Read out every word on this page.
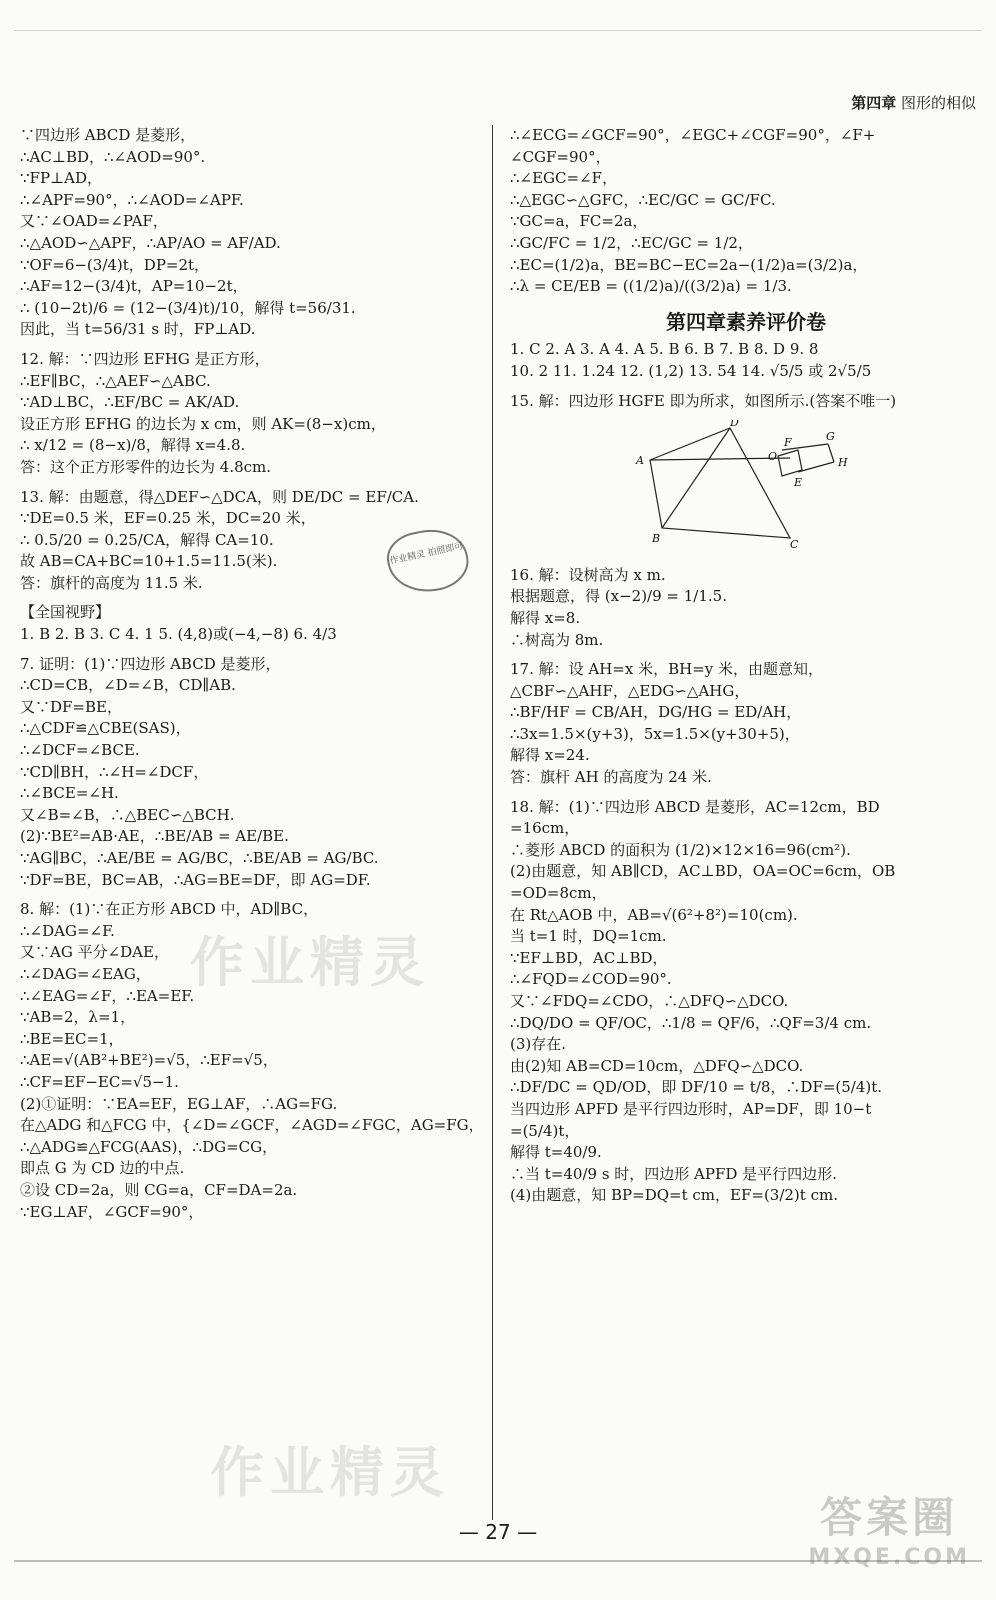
第四章 图形的相似
∵四边形 ABCD 是菱形，
∴AC⊥BD，∴∠AOD=90°.
∵FP⊥AD，
∴∠APF=90°，∴∠AOD=∠APF.
又∵∠OAD=∠PAF，
∴△AOD∽△APF，∴AP/AO = AF/AD.
∵OF=6−(3/4)t，DP=2t，
∴AF=12−(3/4)t，AP=10−2t，
∴ (10−2t)/6 = (12−(3/4)t)/10，解得 t=56/31.
因此，当 t=56/31 s 时，FP⊥AD.
12. 解：∵四边形 EFHG 是正方形，
∴EF∥BC，∴△AEF∽△ABC.
∵AD⊥BC，∴EF/BC = AK/AD.
设正方形 EFHG 的边长为 x cm，则 AK=(8−x)cm，
∴ x/12 = (8−x)/8，解得 x=4.8.
答：这个正方形零件的边长为 4.8cm.
13. 解：由题意，得△DEF∽△DCA，则 DE/DC = EF/CA.
∵DE=0.5 米，EF=0.25 米，DC=20 米，
∴ 0.5/20 = 0.25/CA，解得 CA=10.
故 AB=CA+BC=10+1.5=11.5(米).
答：旗杆的高度为 11.5 米.
【全国视野】
1. B 2. B 3. C 4. 1 5. (4,8)或(−4,−8) 6. 4/3
7. 证明：(1)∵四边形 ABCD 是菱形，
∴CD=CB，∠D=∠B，CD∥AB.
又∵DF=BE，
∴△CDF≌△CBE(SAS)，
∴∠DCF=∠BCE.
∵CD∥BH，∴∠H=∠DCF，
∴∠BCE=∠H.
又∠B=∠B，∴△BEC∽△BCH.
(2)∵BE²=AB·AE，∴BE/AB = AE/BE.
∵AG∥BC，∴AE/BE = AG/BC，∴BE/AB = AG/BC.
∵DF=BE，BC=AB，∴AG=BE=DF，即 AG=DF.
8. 解：(1)∵在正方形 ABCD 中，AD∥BC，
∴∠DAG=∠F.
又∵AG 平分∠DAE，
∴∠DAG=∠EAG，
∴∠EAG=∠F，∴EA=EF.
∵AB=2，λ=1，
∴BE=EC=1，
∴AE=√(AB²+BE²)=√5，∴EF=√5，
∴CF=EF−EC=√5−1.
(2)①证明：∵EA=EF，EG⊥AF，∴AG=FG.
在△ADG 和△FCG 中，{∠D=∠GCF，∠AGD=∠FGC，AG=FG，
∴△ADG≌△FCG(AAS)，∴DG=CG，
即点 G 为 CD 边的中点.
②设 CD=2a，则 CG=a，CF=DA=2a.
∵EG⊥AF，∠GCF=90°，
∴∠ECG=∠GCF=90°，∠EGC+∠CGF=90°，∠F+
∠CGF=90°，
∴∠EGC=∠F，
∴△EGC∽△GFC，∴EC/GC = GC/FC.
∵GC=a，FC=2a，
∴GC/FC = 1/2，∴EC/GC = 1/2，
∴EC=(1/2)a，BE=BC−EC=2a−(1/2)a=(3/2)a，
∴λ = CE/EB = ((1/2)a)/((3/2)a) = 1/3.
第四章素养评价卷
1. C 2. A 3. A 4. A 5. B 6. B 7. B 8. D 9. 8
10. 2 11. 1.24 12. (1,2) 13. 54 14. √5/5 或 2√5/5
15. 解：四边形 HGFE 即为所求，如图所示.(答案不唯一)
D
A	O
F	G
H
E
B	C
16. 解：设树高为 x m.
根据题意，得 (x−2)/9 = 1/1.5.
解得 x=8.
∴树高为 8m.
17. 解：设 AH=x 米，BH=y 米，由题意知，
△CBF∽△AHF，△EDG∽△AHG，
∴BF/HF = CB/AH，DG/HG = ED/AH，
∴3x=1.5×(y+3)，5x=1.5×(y+30+5)，
解得 x=24.
答：旗杆 AH 的高度为 24 米.
18. 解：(1)∵四边形 ABCD 是菱形，AC=12cm，BD
=16cm，
∴菱形 ABCD 的面积为 (1/2)×12×16=96(cm²).
(2)由题意，知 AB∥CD，AC⊥BD，OA=OC=6cm，OB
=OD=8cm，
在 Rt△AOB 中，AB=√(6²+8²)=10(cm).
当 t=1 时，DQ=1cm.
∵EF⊥BD，AC⊥BD，
∴∠FQD=∠COD=90°.
又∵∠FDQ=∠CDO，∴△DFQ∽△DCO.
∴DQ/DO = QF/OC，∴1/8 = QF/6，∴QF=3/4 cm.
(3)存在.
由(2)知 AB=CD=10cm，△DFQ∽△DCO.
∴DF/DC = QD/OD，即 DF/10 = t/8，∴DF=(5/4)t.
当四边形 APFD 是平行四边形时，AP=DF，即 10−t
=(5/4)t，
解得 t=40/9.
∴当 t=40/9 s 时，四边形 APFD 是平行四边形.
(4)由题意，知 BP=DQ=t cm，EF=(3/2)t cm.
作业精灵 拍照即可
作业精灵
作业精灵
— 27 —	答案圈
MXQE.COM
